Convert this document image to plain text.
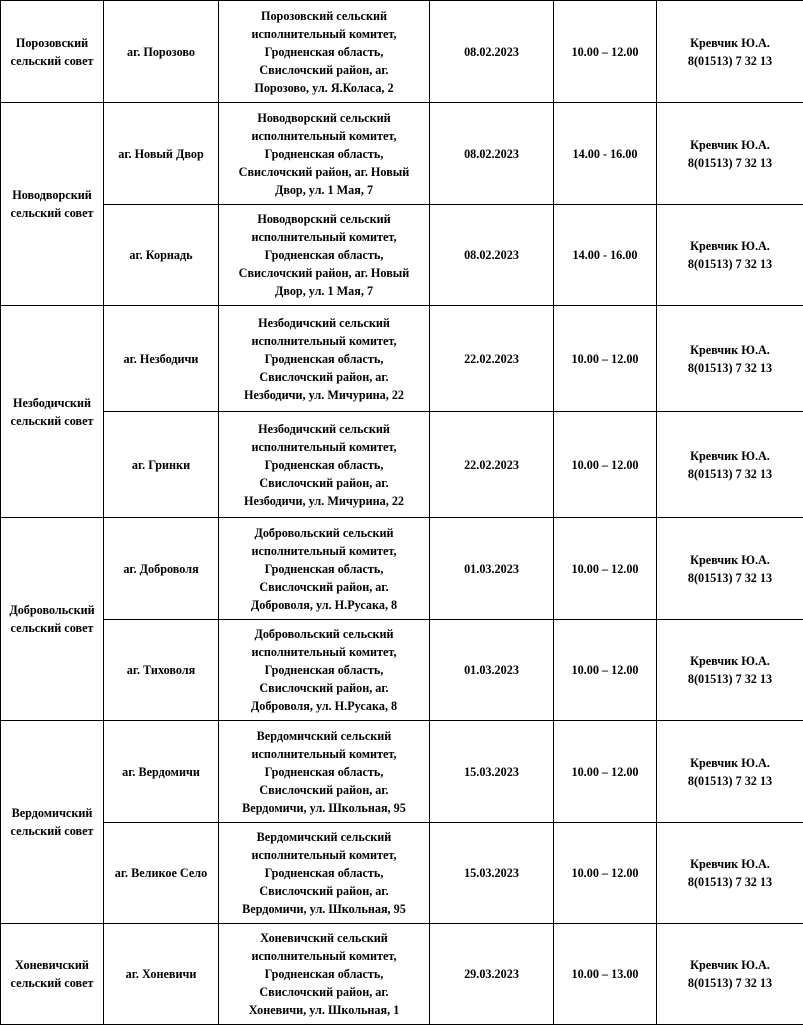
Порозовский
сельский совет	аг. Порозово	Порозовский сельский
исполнительный комитет,
Гродненская область,
Свислочский район, аг.
Порозово, ул. Я.Коласа, 2	08.02.2023	10.00 – 12.00	Кревчик Ю.А.
8(01513) 7 32 13

Новодворский
сельский совет	аг. Новый Двор	Новодворский сельский
исполнительный комитет,
Гродненская область,
Свислочский район, аг. Новый
Двор, ул. 1 Мая, 7	08.02.2023	14.00 - 16.00	Кревчик Ю.А.
8(01513) 7 32 13

	аг. Корнадь	Новодворский сельский
исполнительный комитет,
Гродненская область,
Свислочский район, аг. Новый
Двор, ул. 1 Мая, 7	08.02.2023	14.00 - 16.00	Кревчик Ю.А.
8(01513) 7 32 13

Незбодичский
сельский совет	аг. Незбодичи	Незбодичский сельский
исполнительный комитет,
Гродненская область,
Свислочский район, аг.
Незбодичи, ул. Мичурина, 22	22.02.2023	10.00 – 12.00	Кревчик Ю.А.
8(01513) 7 32 13

	аг. Гринки	Незбодичский сельский
исполнительный комитет,
Гродненская область,
Свислочский район, аг.
Незбодичи, ул. Мичурина, 22	22.02.2023	10.00 – 12.00	Кревчик Ю.А.
8(01513) 7 32 13

Добровольский
сельский совет	аг. Доброволя	Добровольский сельский
исполнительный комитет,
Гродненская область,
Свислочский район, аг.
Доброволя, ул. Н.Русака, 8	01.03.2023	10.00 – 12.00	Кревчик Ю.А.
8(01513) 7 32 13

	аг. Тиховоля	Добровольский сельский
исполнительный комитет,
Гродненская область,
Свислочский район, аг.
Доброволя, ул. Н.Русака, 8	01.03.2023	10.00 – 12.00	Кревчик Ю.А.
8(01513) 7 32 13

Вердомичский
сельский совет	аг. Вердомичи	Вердомичский сельский
исполнительный комитет,
Гродненская область,
Свислочский район, аг.
Вердомичи, ул. Школьная, 95	15.03.2023	10.00 – 12.00	Кревчик Ю.А.
8(01513) 7 32 13

	аг. Великое Село	Вердомичский сельский
исполнительный комитет,
Гродненская область,
Свислочский район, аг.
Вердомичи, ул. Школьная, 95	15.03.2023	10.00 – 12.00	Кревчик Ю.А.
8(01513) 7 32 13

Хоневичский
сельский совет	аг. Хоневичи	Хоневичский сельский
исполнительный комитет,
Гродненская область,
Свислочский район, аг.
Хоневичи, ул. Школьная, 1	29.03.2023	10.00 – 13.00	Кревчик Ю.А.
8(01513) 7 32 13
